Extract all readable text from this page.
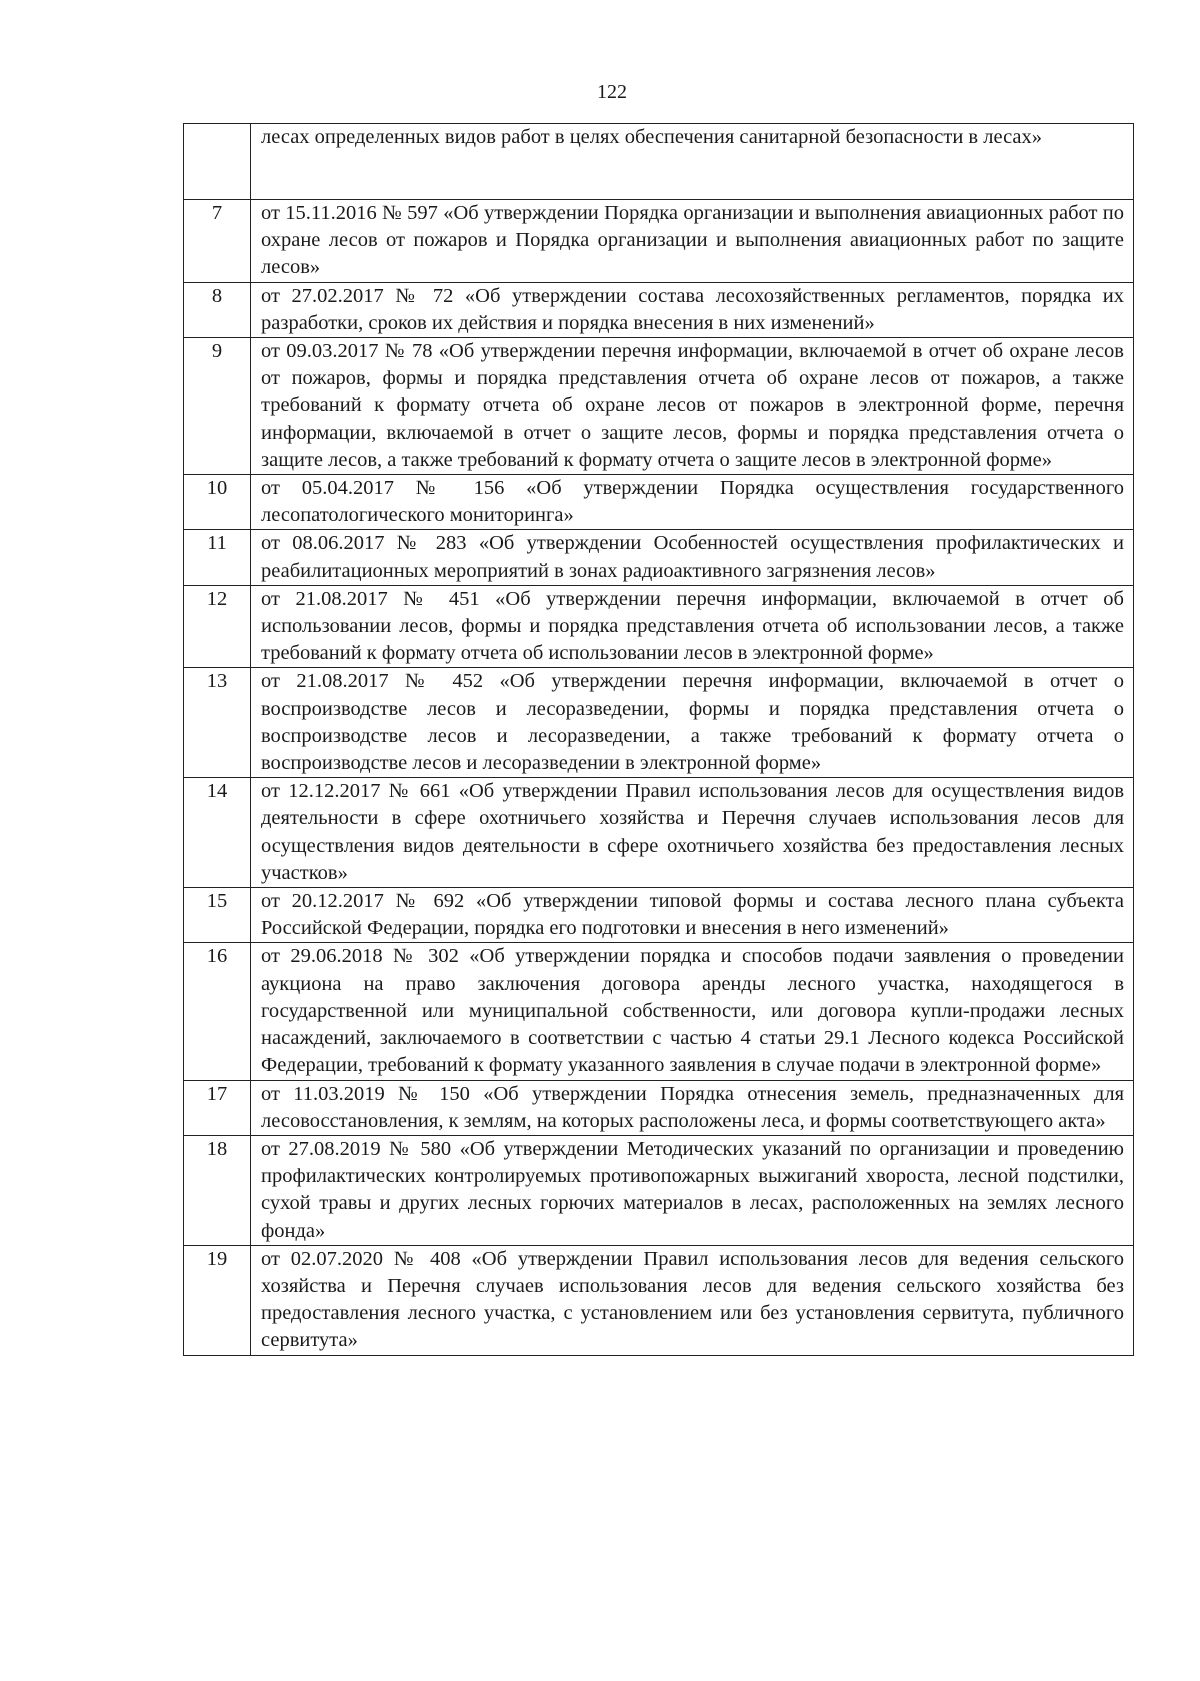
122
	лесах определенных видов работ в целях обеспечения санитарной безопасности в лесах»
7	от 15.11.2016 № 597 «Об утверждении Порядка организации и выполнения авиационных работ по охране лесов от пожаров и Порядка организации и выполнения авиационных работ по защите лесов»
8	от 27.02.2017 № 72 «Об утверждении состава лесохозяйственных регламентов, порядка их разработки, сроков их действия и порядка внесения в них изменений»
9	от 09.03.2017 № 78 «Об утверждении перечня информации, включаемой в отчет об охране лесов от пожаров, формы и порядка представления отчета об охране лесов от пожаров, а также требований к формату отчета об охране лесов от пожаров в электронной форме, перечня информации, включаемой в отчет о защите лесов, формы и порядка представления отчета о защите лесов, а также требований к формату отчета о защите лесов в электронной форме»
10	от 05.04.2017 № 156 «Об утверждении Порядка осуществления государственного лесопатологического мониторинга»
11	от 08.06.2017 № 283 «Об утверждении Особенностей осуществления профилактических и реабилитационных мероприятий в зонах радиоактивного загрязнения лесов»
12	от 21.08.2017 № 451 «Об утверждении перечня информации, включаемой в отчет об использовании лесов, формы и порядка представления отчета об использовании лесов, а также требований к формату отчета об использовании лесов в электронной форме»
13	от 21.08.2017 № 452 «Об утверждении перечня информации, включаемой в отчет о воспроизводстве лесов и лесоразведении, формы и порядка представления отчета о воспроизводстве лесов и лесоразведении, а также требований к формату отчета о воспроизводстве лесов и лесоразведении в электронной форме»
14	от 12.12.2017 № 661 «Об утверждении Правил использования лесов для осуществления видов деятельности в сфере охотничьего хозяйства и Перечня случаев использования лесов для осуществления видов деятельности в сфере охотничьего хозяйства без предоставления лесных участков»
15	от 20.12.2017 № 692 «Об утверждении типовой формы и состава лесного плана субъекта Российской Федерации, порядка его подготовки и внесения в него изменений»
16	от 29.06.2018 № 302 «Об утверждении порядка и способов подачи заявления о проведении аукциона на право заключения договора аренды лесного участка, находящегося в государственной или муниципальной собственности, или договора купли-продажи лесных насаждений, заключаемого в соответствии с частью 4 статьи 29.1 Лесного кодекса Российской Федерации, требований к формату указанного заявления в случае подачи в электронной форме»
17	от 11.03.2019 № 150 «Об утверждении Порядка отнесения земель, предназначенных для лесовосстановления, к землям, на которых расположены леса, и формы соответствующего акта»
18	от 27.08.2019 № 580 «Об утверждении Методических указаний по организации и проведению профилактических контролируемых противопожарных выжиганий хвороста, лесной подстилки, сухой травы и других лесных горючих материалов в лесах, расположенных на землях лесного фонда»
19	от 02.07.2020 № 408 «Об утверждении Правил использования лесов для ведения сельского хозяйства и Перечня случаев использования лесов для ведения сельского хозяйства без предоставления лесного участка, с установлением или без установления сервитута, публичного сервитута»
